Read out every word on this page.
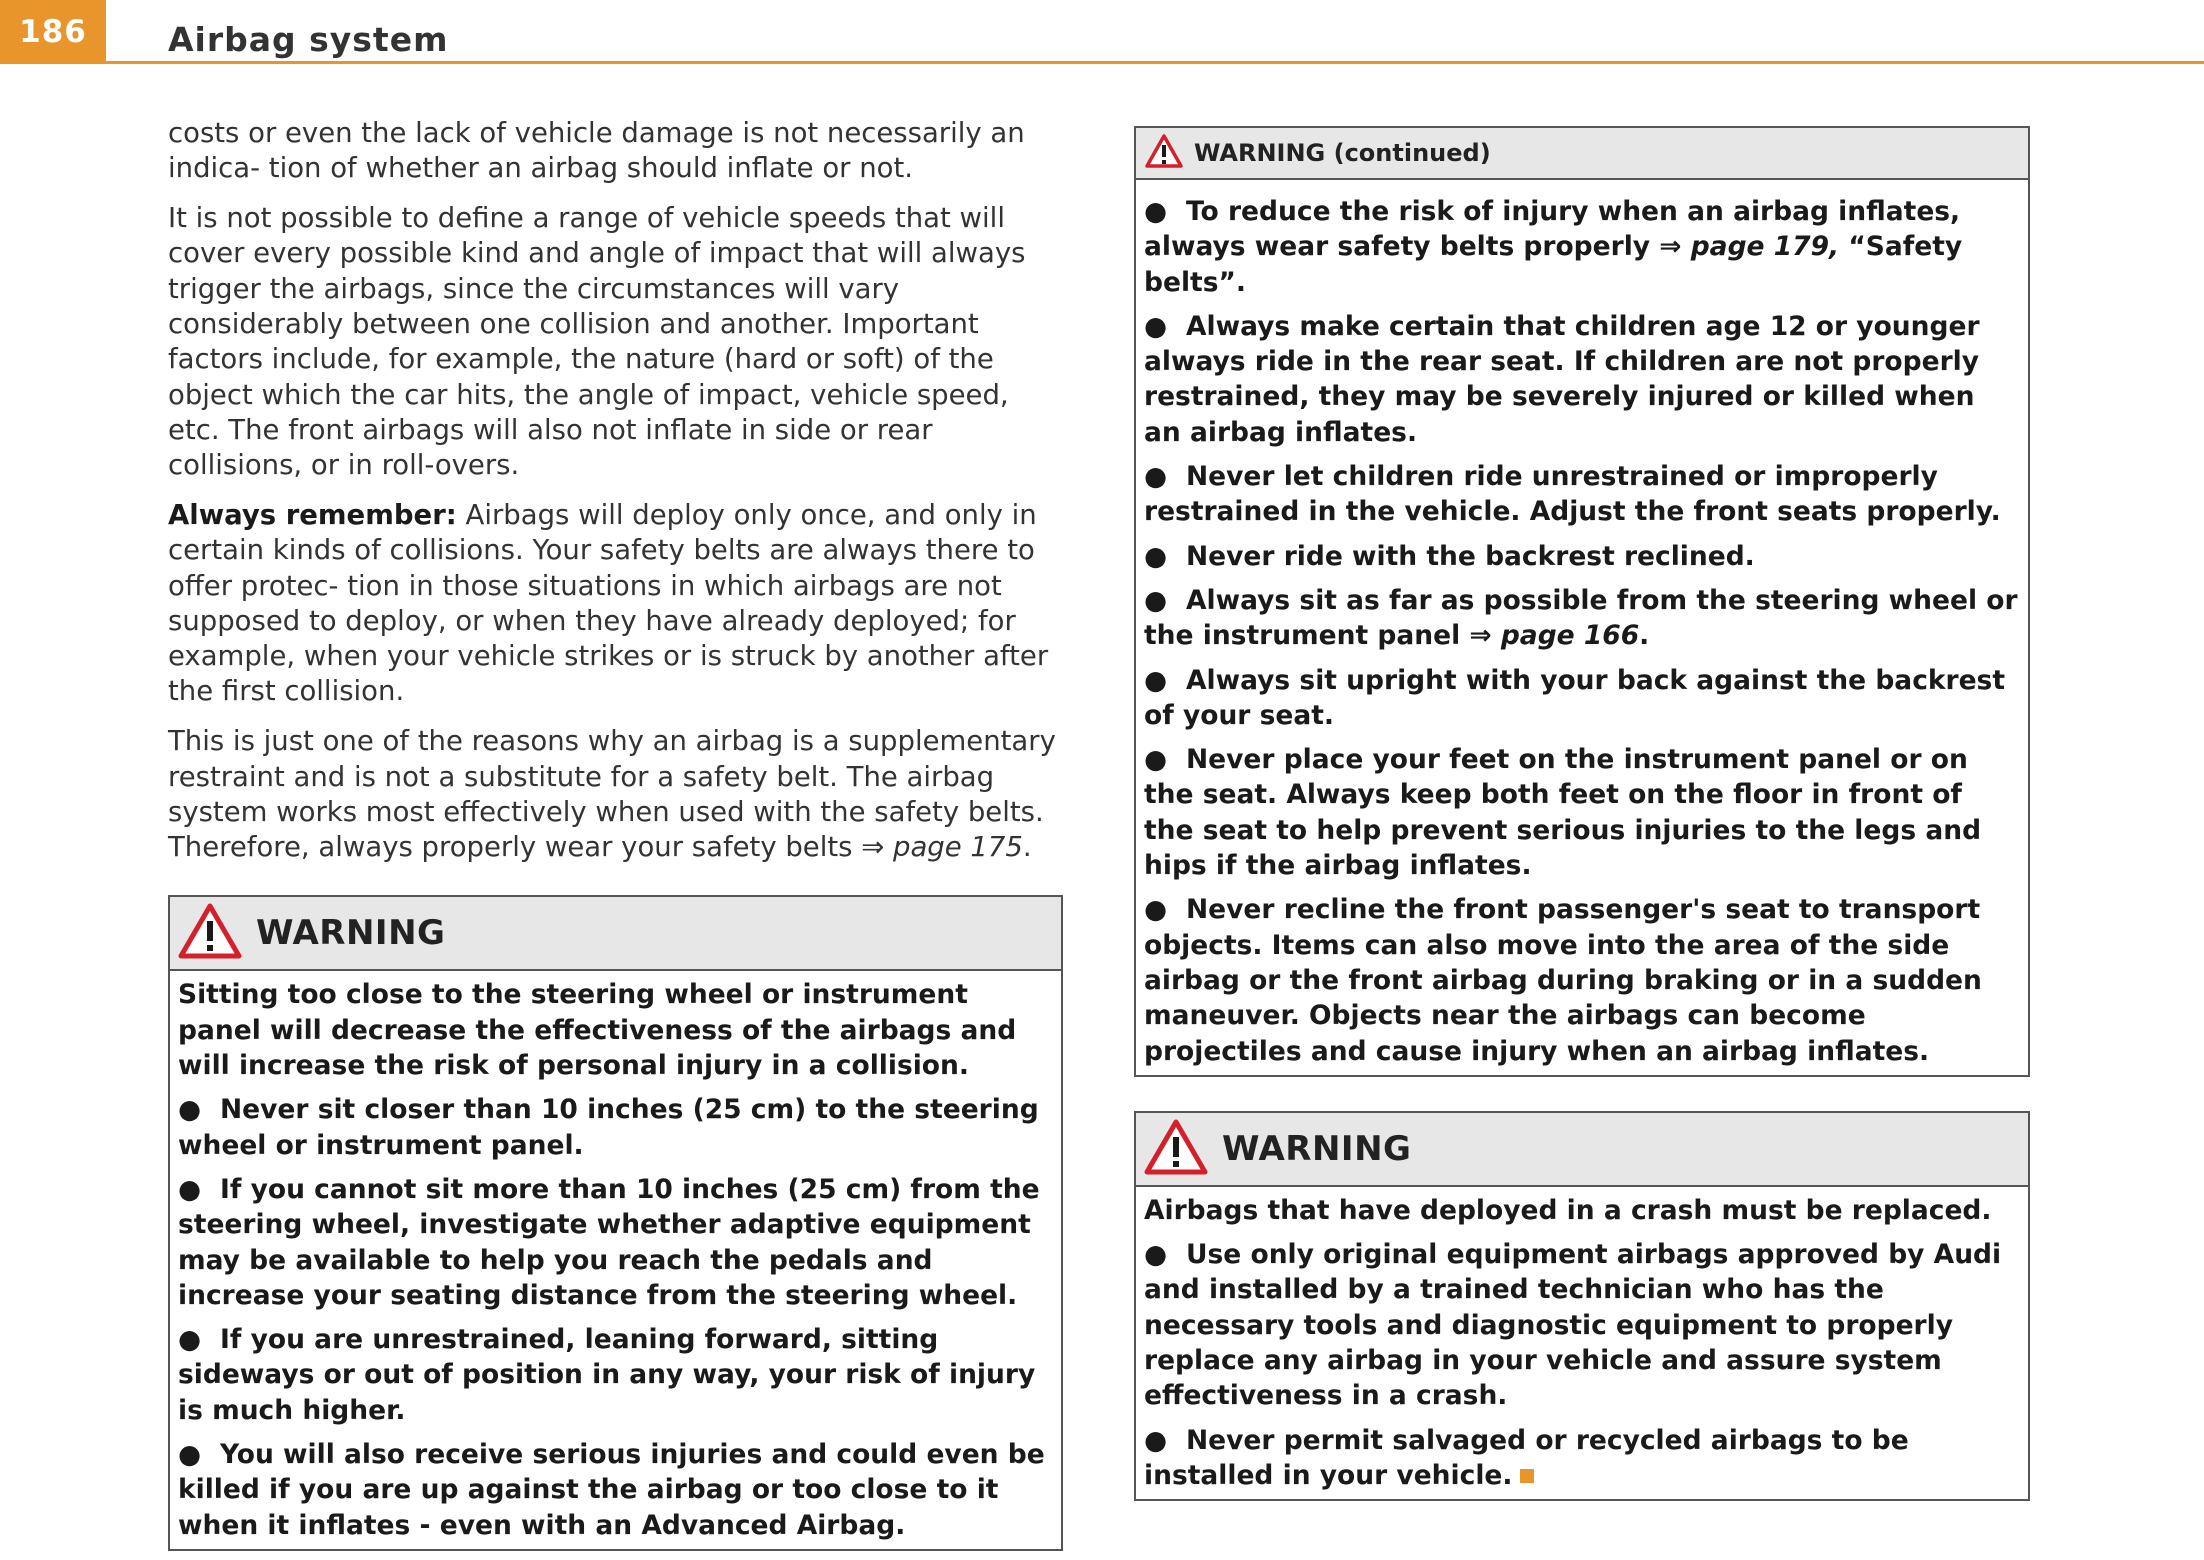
186	Airbag system

costs or even the lack of vehicle damage is not necessarily an indica- tion of whether an airbag should inflate or not.

It is not possible to define a range of vehicle speeds that will cover every possible kind and angle of impact that will always trigger the airbags, since the circumstances will vary considerably between one collision and another. Important factors include, for example, the nature (hard or soft) of the object which the car hits, the angle of impact, vehicle speed, etc. The front airbags will also not inflate in side or rear collisions, or in roll-overs.

Always remember: Airbags will deploy only once, and only in certain kinds of collisions. Your safety belts are always there to offer protec- tion in those situations in which airbags are not supposed to deploy, or when they have already deployed; for example, when your vehicle strikes or is struck by another after the first collision.

This is just one of the reasons why an airbag is a supplementary restraint and is not a substitute for a safety belt. The airbag system works most effectively when used with the safety belts. Therefore, always properly wear your safety belts ⇒ page 175.

WARNING

Sitting too close to the steering wheel or instrument panel will decrease the effectiveness of the airbags and will increase the risk of personal injury in a collision.

● Never sit closer than 10 inches (25 cm) to the steering wheel or instrument panel.

● If you cannot sit more than 10 inches (25 cm) from the steering wheel, investigate whether adaptive equipment may be available to help you reach the pedals and increase your seating distance from the steering wheel.

● If you are unrestrained, leaning forward, sitting sideways or out of position in any way, your risk of injury is much higher.

● You will also receive serious injuries and could even be killed if you are up against the airbag or too close to it when it inflates - even with an Advanced Airbag.

WARNING (continued)

● To reduce the risk of injury when an airbag inflates, always wear safety belts properly ⇒ page 179, “Safety belts”.

● Always make certain that children age 12 or younger always ride in the rear seat. If children are not properly restrained, they may be severely injured or killed when an airbag inflates.

● Never let children ride unrestrained or improperly restrained in the vehicle. Adjust the front seats properly.

● Never ride with the backrest reclined.

● Always sit as far as possible from the steering wheel or the instrument panel ⇒ page 166.

● Always sit upright with your back against the backrest of your seat.

● Never place your feet on the instrument panel or on the seat. Always keep both feet on the floor in front of the seat to help prevent serious injuries to the legs and hips if the airbag inflates.

● Never recline the front passenger's seat to transport objects. Items can also move into the area of the side airbag or the front airbag during braking or in a sudden maneuver. Objects near the airbags can become projectiles and cause injury when an airbag inflates.

WARNING

Airbags that have deployed in a crash must be replaced.

● Use only original equipment airbags approved by Audi and installed by a trained technician who has the necessary tools and diagnostic equipment to properly replace any airbag in your vehicle and assure system effectiveness in a crash.

● Never permit salvaged or recycled airbags to be installed in your vehicle.
